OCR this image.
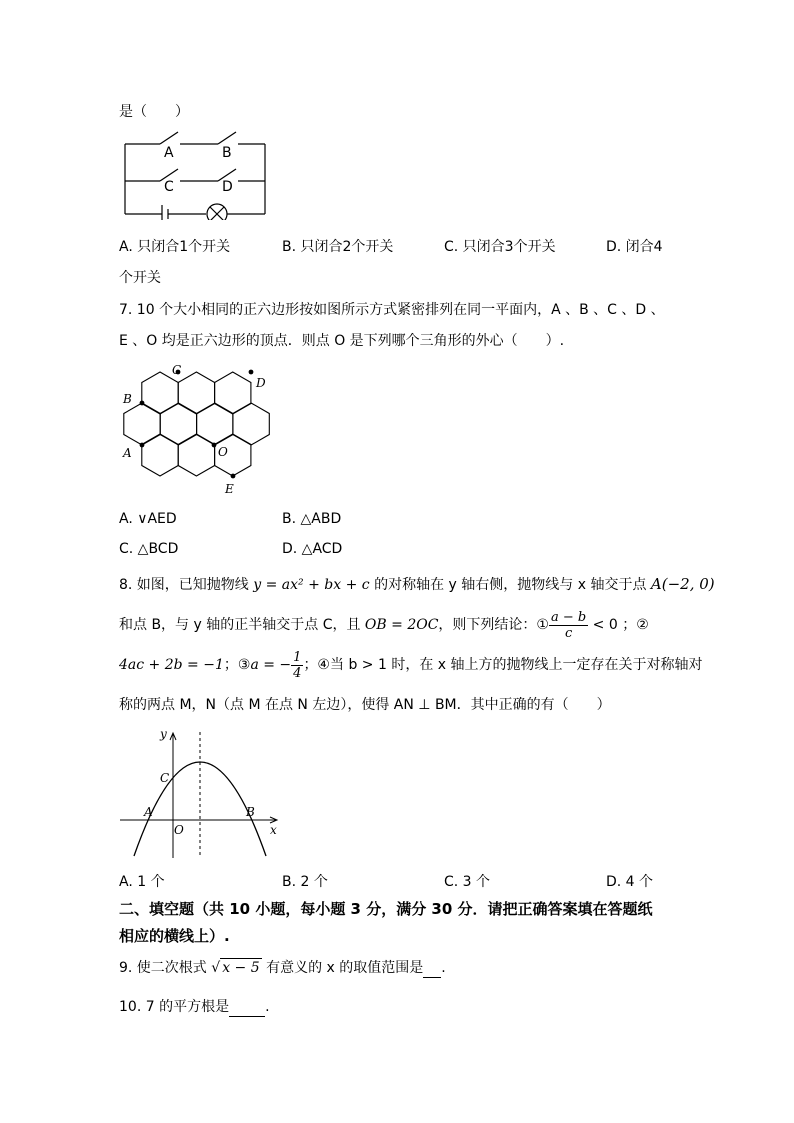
是（　　）
A	B
C	D
A. 只闭合1个开关	B. 只闭合2个开关	C. 只闭合3个开关	D. 闭合4
个开关
7. 10 个大小相同的正六边形按如图所示方式紧密排列在同一平面内，A 、B 、C 、D 、
E 、O 均是正六边形的顶点．则点 O 是下列哪个三角形的外心（　　）.
B
C
D
A	O
E
A. ∨AED	B. △ABD
C. △BCD	D. △ACD
8. 如图，已知抛物线 y = ax² + bx + c 的对称轴在 y 轴右侧，抛物线与 x 轴交于点 A(−2, 0)
和点 B，与 y 轴的正半轴交于点 C，且 OB = 2OC，则下列结论：① $\frac{a - b}{c} < 0$ ；②
4ac + 2b = −1；③a = − $\frac{1}{4}$ ；④当 b > 1 时，在 x 轴上方的抛物线上一定存在关于对称轴对
称的两点 M，N（点 M 在点 N 左边），使得 AN ⊥ BM．其中正确的有（　　）
y
C
A
O
B
x
A. 1 个	B. 2 个	C. 3 个	D. 4 个
二、填空题（共 10 小题，每小题 3 分，满分 30 分．请把正确答案填在答题纸
相应的横线上）.
9. 使二次根式 √ x − 5 有意义的 x 的取值范围是 .
10. 7 的平方根是	.
